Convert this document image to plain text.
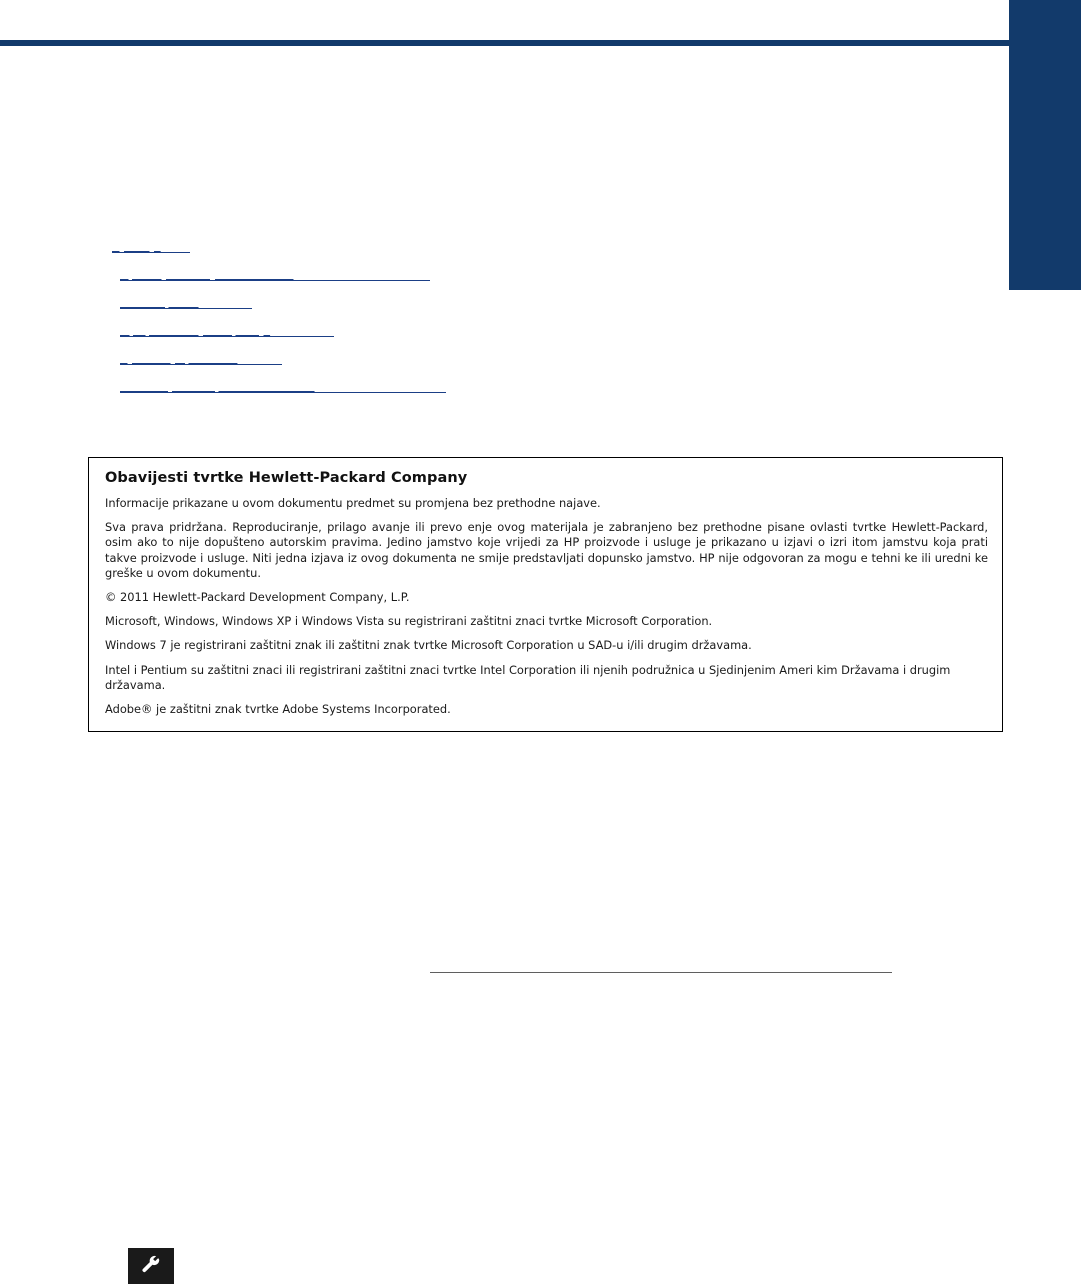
Obavijesti tvrtke Hewlett-Packard Company

Informacije prikazane u ovom dokumentu predmet su promjena bez prethodne najave.

Sva prava pridržana. Reproduciranje, prilago avanje ili prevo enje ovog materijala je zabranjeno bez prethodne pisane ovlasti tvrtke Hewlett-Packard, osim ako to nije dopušteno autorskim pravima. Jedino jamstvo koje vrijedi za HP proizvode i usluge je prikazano u izjavi o izri itom jamstvu koja prati takve proizvode i usluge. Niti jedna izjava iz ovog dokumenta ne smije predstavljati dopunsko jamstvo. HP nije odgovoran za mogu e tehni ke ili uredni ke greške u ovom dokumentu.

© 2011 Hewlett-Packard Development Company, L.P.

Microsoft, Windows, Windows XP i Windows Vista su registrirani zaštitni znaci tvrtke Microsoft Corporation.

Windows 7 je registrirani zaštitni znak ili zaštitni znak tvrtke Microsoft Corporation u SAD-u i/ili drugim državama.

Intel i Pentium su zaštitni znaci ili registrirani zaštitni znaci tvrtke Intel Corporation ili njenih podružnica u Sjedinjenim Ameri kim Državama i drugim državama.

Adobe® je zaštitni znak tvrtke Adobe Systems Incorporated.
